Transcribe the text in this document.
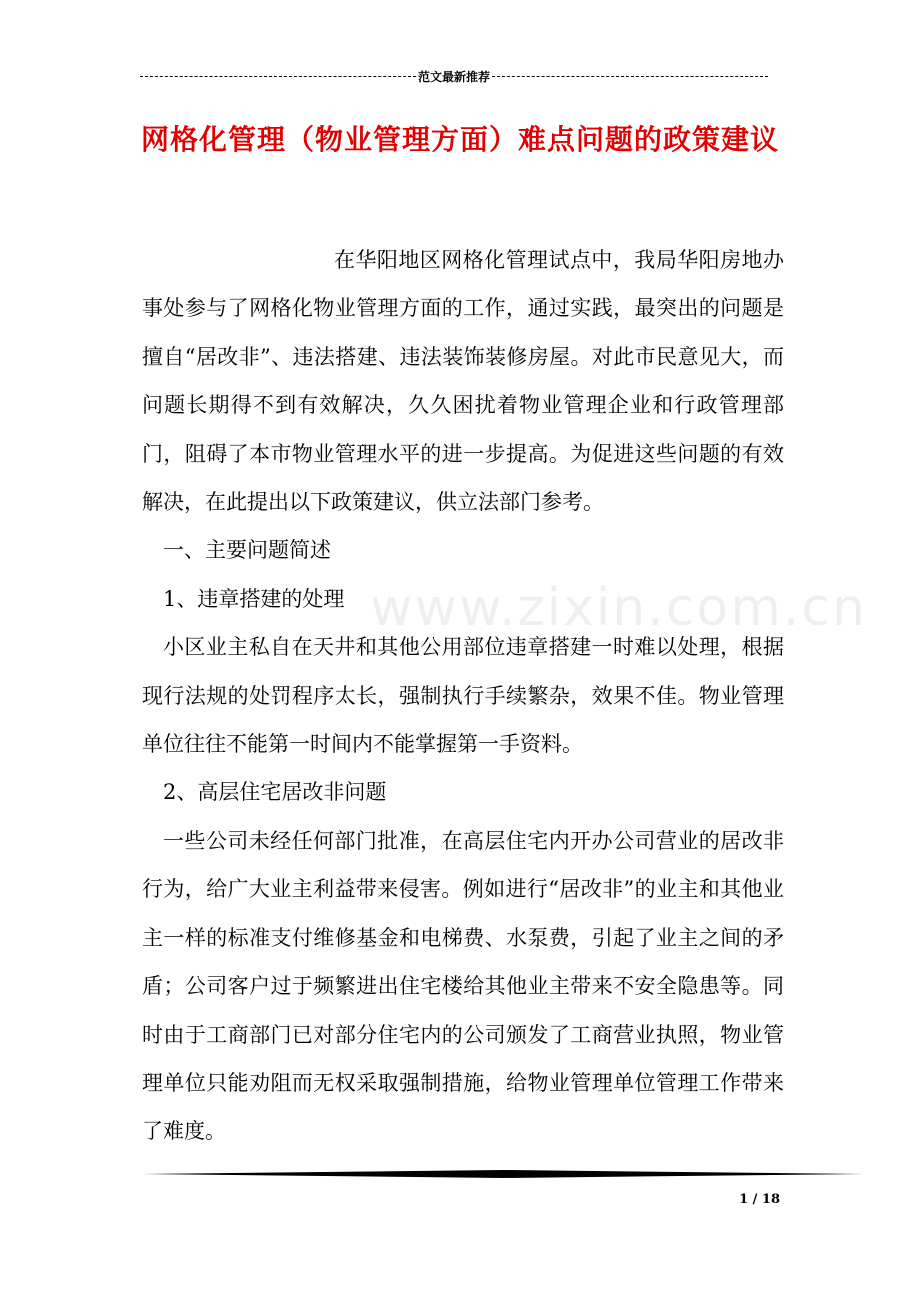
范文最新推荐
网格化管理（物业管理方面）难点问题的政策建议

在华阳地区网格化管理试点中，我局华阳房地办事处参与了网格化物业管理方面的工作，通过实践，最突出的问题是擅自“居改非”、违法搭建、违法装饰装修房屋。对此市民意见大，而问题长期得不到有效解决，久久困扰着物业管理企业和行政管理部门，阻碍了本市物业管理水平的进一步提高。为促进这些问题的有效解决，在此提出以下政策建议，供立法部门参考。

一、主要问题简述

1、违章搭建的处理

小区业主私自在天井和其他公用部位违章搭建一时难以处理，根据现行法规的处罚程序太长，强制执行手续繁杂，效果不佳。物业管理单位往往不能第一时间内不能掌握第一手资料。

2、高层住宅居改非问题

一些公司未经任何部门批准，在高层住宅内开办公司营业的居改非行为，给广大业主利益带来侵害。例如进行“居改非”的业主和其他业主一样的标准支付维修基金和电梯费、水泵费，引起了业主之间的矛盾；公司客户过于频繁进出住宅楼给其他业主带来不安全隐患等。同时由于工商部门已对部分住宅内的公司颁发了工商营业执照，物业管理单位只能劝阻而无权采取强制措施，给物业管理单位管理工作带来了难度。

www.zixin.com.cn
1 / 18
